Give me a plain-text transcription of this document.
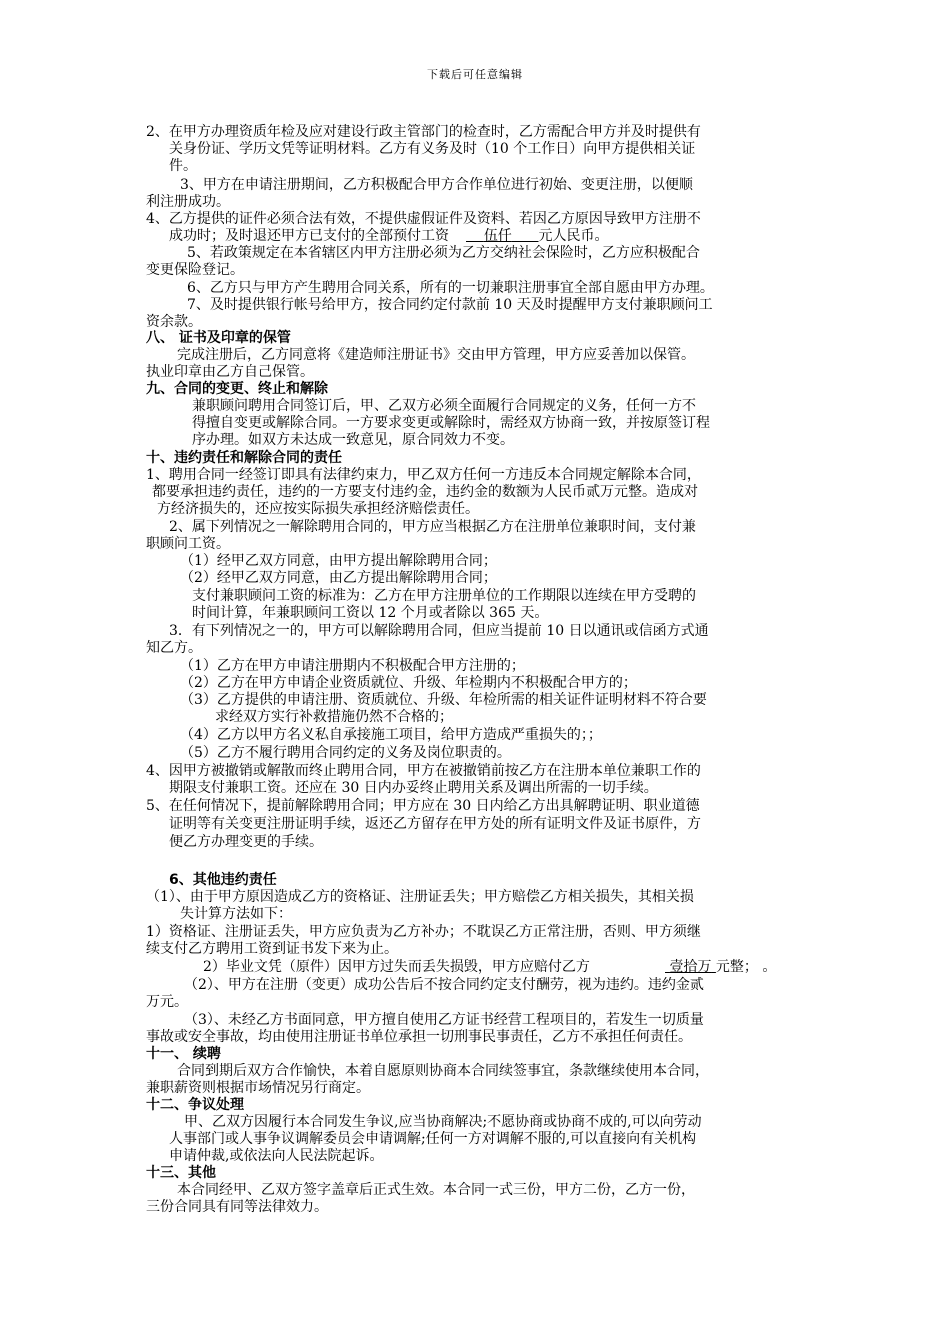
下载后可任意编辑
2、在甲方办理资质年检及应对建设行政主管部门的检查时，乙方需配合甲方并及时提供有
关身份证、学历文凭等证明材料。乙方有义务及时（10 个工作日）向甲方提供相关证
件。
3、甲方在申请注册期间，乙方积极配合甲方合作单位进行初始、变更注册，以便顺
利注册成功。
4、乙方提供的证件必须合法有效，不提供虚假证件及资料、若因乙方原因导致甲方注册不
成功时；及时退还甲方已支付的全部预付工资
5、若政策规定在本省辖区内甲方注册必须为乙方交纳社会保险时，乙方应积极配合
变更保险登记。
6、乙方只与甲方产生聘用合同关系，所有的一切兼职注册事宜全部自愿由甲方办理。
7、及时提供银行帐号给甲方，按合同约定付款前 10 天及时提醒甲方支付兼职顾问工
资余款。
完成注册后，乙方同意将《建造师注册证书》交由甲方管理，甲方应妥善加以保管。
执业印章由乙方自己保管。
兼职顾问聘用合同签订后，甲、乙双方必须全面履行合同规定的义务，任何一方不
得擅自变更或解除合同。一方要求变更或解除时，需经双方协商一致，并按原签订程
序办理。如双方未达成一致意见，原合同效力不变。
1、聘用合同一经签订即具有法律约束力，甲乙双方任何一方违反本合同规定解除本合同，
都要承担违约责任，违约的一方要支付违约金，违约金的数额为人民币贰万元整。造成对
方经济损失的，还应按实际损失承担经济赔偿责任。
2、属下列情况之一解除聘用合同的，甲方应当根据乙方在注册单位兼职时间，支付兼
职顾问工资。
（1）经甲乙双方同意，由甲方提出解除聘用合同；
（2）经甲乙双方同意，由乙方提出解除聘用合同；
支付兼职顾问工资的标准为：乙方在甲方注册单位的工作期限以连续在甲方受聘的
时间计算，年兼职顾问工资以 12 个月或者除以 365 天。
3．有下列情况之一的，甲方可以解除聘用合同，但应当提前 10 日以通讯或信函方式通
知乙方。
（1）乙方在甲方申请注册期内不积极配合甲方注册的；
（2）乙方在甲方申请企业资质就位、升级、年检期内不积极配合甲方的；
（3）乙方提供的申请注册、资质就位、升级、年检所需的相关证件证明材料不符合要
求经双方实行补救措施仍然不合格的；
（4）乙方以甲方名义私自承接施工项目，给甲方造成严重损失的；；
（5）乙方不履行聘用合同约定的义务及岗位职责的。
4、因甲方被撤销或解散而终止聘用合同，甲方在被撤销前按乙方在注册本单位兼职工作的
期限支付兼职工资。还应在 30 日内办妥终止聘用关系及调出所需的一切手续。
5、在任何情况下，提前解除聘用合同；甲方应在 30 日内给乙方出具解聘证明、职业道德
证明等有关变更注册证明手续，返还乙方留存在甲方处的所有证明文件及证书原件，方
便乙方办理变更的手续。
（1）、由于甲方原因造成乙方的资格证、注册证丢失；甲方赔偿乙方相关损失，其相关损
失计算方法如下：
1）资格证、注册证丢失，甲方应负责为乙方补办；不耽误乙方正常注册，否则、甲方须继
续支付乙方聘用工资到证书发下来为止。
2）毕业文凭（原件）因甲方过失而丢失损毁，甲方应赔付乙方
（2）、甲方在注册（变更）成功公告后不按合同约定支付酬劳，视为违约。违约金贰
万元。
（3）、未经乙方书面同意，甲方擅自使用乙方证书经营工程项目的，若发生一切质量
事故或安全事故，均由使用注册证书单位承担一切刑事民事责任，乙方不承担任何责任。
合同到期后双方合作愉快，本着自愿原则协商本合同续签事宜，条款继续使用本合同，
兼职薪资则根据市场情况另行商定。
甲、乙双方因履行本合同发生争议,应当协商解决;不愿协商或协商不成的,可以向劳动
人事部门或人事争议调解委员会申请调解;任何一方对调解不服的,可以直接向有关机构
申请仲裁,或依法向人民法院起诉。
本合同经甲、乙双方签字盖章后正式生效。本合同一式三份，甲方二份，乙方一份，
三份合同具有同等法律效力。
八、 证书及印章的保管
九、合同的变更、终止和解除
十、违约责任和解除合同的责任
6、其他违约责任
十一、 续聘
十二、争议处理
十三、其他
伍仟 元人民币。
壹拾万 元整； 。
